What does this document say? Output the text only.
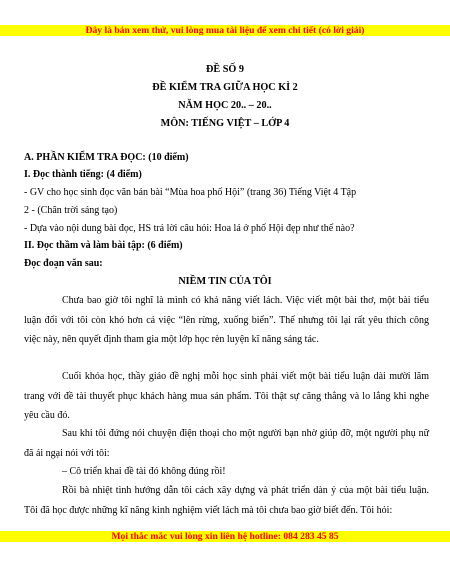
Đây là bản xem thử, vui lòng mua tài liệu để xem chi tiết (có lời giải)
ĐỀ SỐ 9
ĐỀ KIỂM TRA GIỮA HỌC KÌ 2
NĂM HỌC 20.. – 20..
MÔN: TIẾNG VIỆT – LỚP 4
A. PHẦN KIỂM TRA ĐỌC: (10 điểm)
I. Đọc thành tiếng: (4 điểm)
- GV cho học sinh đọc văn bản bài “Mùa hoa phố Hội” (trang 36) Tiếng Việt 4 Tập
2 - (Chân trời sáng tạo)
- Dựa vào nội dung bài đọc, HS trả lời câu hỏi: Hoa lá ở phố Hội đẹp như thế nào?
II. Đọc thầm và làm bài tập: (6 điểm)
Đọc đoạn văn sau:
NIỀM TIN CỦA TÔI
Chưa bao giờ tôi nghĩ là mình có khả năng viết lách. Việc viết một bài thơ, một bài tiểu luận đối với tôi còn khó hơn cả việc “lên rừng, xuống biển”. Thế nhưng tôi lại rất yêu thích công việc này, nên quyết định tham gia một lớp học rèn luyện kĩ năng sáng tác.
Cuối khóa học, thầy giáo đề nghị mỗi học sinh phải viết một bài tiểu luận dài mười lăm trang với đề tài thuyết phục khách hàng mua sản phẩm. Tôi thật sự căng thẳng và lo lắng khi nghe yêu cầu đó.
Sau khi tôi đứng nói chuyện điện thoại cho một người bạn nhờ giúp đỡ, một người phụ nữ đã ái ngại nói với tôi:
– Cô triển khai đề tài đó không đúng rồi!
Rồi bà nhiệt tình hướng dẫn tôi cách xây dựng và phát triển dàn ý của một bài tiểu luận. Tôi đã học được những kĩ năng kinh nghiệm viết lách mà tôi chưa bao giờ biết đến. Tôi hỏi:
Mọi thắc mắc vui lòng xin liên hệ hotline: 084 283 45 85
